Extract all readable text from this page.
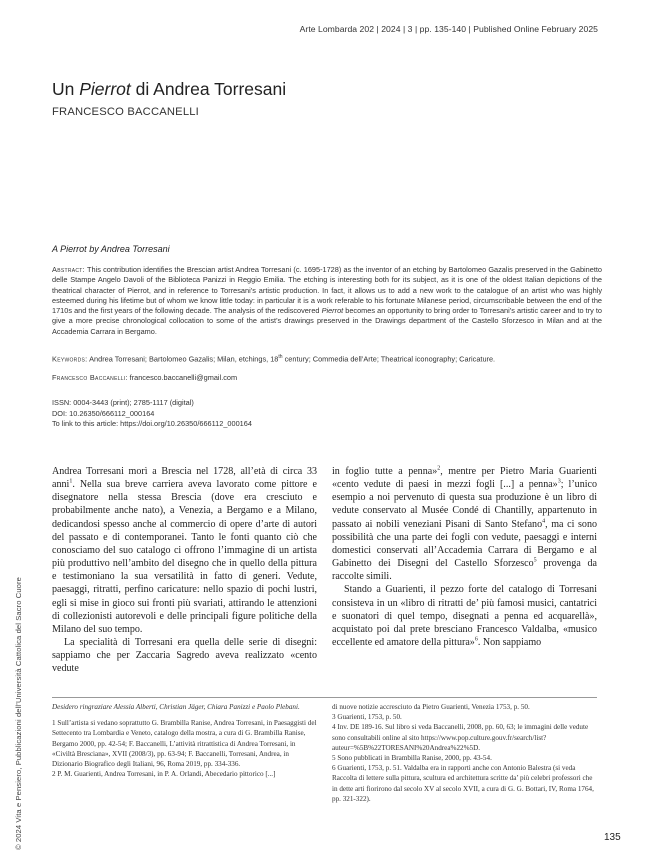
Arte Lombarda 202 | 2024 | 3 | pp. 135-140 | Published Online February 2025
Un Pierrot di Andrea Torresani
FRANCESCO BACCANELLI
A Pierrot by Andrea Torresani

Abstract: This contribution identifies the Brescian artist Andrea Torresani (c. 1695-1728) as the inventor of an etching by Bartolomeo Gazalis preserved in the Gabinetto delle Stampe Angelo Davoli of the Biblioteca Panizzi in Reggio Emilia. The etching is interesting both for its subject, as it is one of the oldest Italian depictions of the theatrical character of Pierrot, and in reference to Torresani’s artistic production. In fact, it allows us to add a new work to the catalogue of an artist who was highly esteemed during his lifetime but of whom we know little today: in particular it is a work referable to his fortunate Milanese period, circumscribable between the end of the 1710s and the first years of the following decade. The analysis of the rediscovered Pierrot becomes an opportunity to bring order to Torresani’s artistic career and to try to give a more precise chronological collocation to some of the artist’s drawings preserved in the Drawings department of the Castello Sforzesco in Milan and at the Accademia Carrara in Bergamo.

Keywords: Andrea Torresani; Bartolomeo Gazalis; Milan, etchings, 18th century; Commedia dell’Arte; Theatrical iconography; Caricature.

Francesco Baccanelli: francesco.baccanelli@gmail.com

ISSN: 0004-3443 (print); 2785-1117 (digital)
DOI: 10.26350/666112_000164
To link to this article: https://doi.org/10.26350/666112_000164

Andrea Torresani morì a Brescia nel 1728, all’età di circa 33 anni$^1$. Nella sua breve carriera aveva lavorato come pittore e disegnatore nella stessa Brescia (dove era cresciuto e probabilmente anche nato), a Venezia, a Bergamo e a Milano, dedicandosi spesso anche al commercio di opere d’arte di autori del passato e di contemporanei. Tanto le fonti quanto ciò che conosciamo del suo catalogo ci offrono l’immagine di un artista più produttivo nell’ambito del disegno che in quello della pittura e testimoniano la sua versatilità in fatto di generi. Vedute, paesaggi, ritratti, perfino caricature: nello spazio di pochi lustri, egli si mise in gioco sui fronti più svariati, attirando le attenzioni di collezionisti autorevoli e delle principali figure politiche della Milano del suo tempo.

La specialità di Torresani era quella delle serie di disegni: sappiamo che per Zaccaria Sagredo aveva realizzato «cento vedute

in foglio tutte a penna»$^2$, mentre per Pietro Maria Guarienti «cento vedute di paesi in mezzi fogli [...] a penna»$^3$; l’unico esempio a noi pervenuto di questa sua produzione è un libro di vedute conservato al Musée Condé di Chantilly, appartenuto in passato ai nobili veneziani Pisani di Santo Stefano$^4$, ma ci sono possibilità che una parte dei fogli con vedute, paesaggi e interni domestici conservati all’Accademia Carrara di Bergamo e al Gabinetto dei Disegni del Castello Sforzesco$^5$ provenga da raccolte simili.

Stando a Guarienti, il pezzo forte del catalogo di Torresani consisteva in un «libro di ritratti de’ più famosi musici, cantatrici e suonatori di quel tempo, disegnati a penna ed acquarellà», acquistato poi dal prete bresciano Francesco Valdalba, «musico eccellente ed amatore della pittura»$^6$. Non sappiamo

Desidero ringraziare Alessia Alberti, Christian Jäger, Chiara Panizzi e Paolo Plebani.

1 Sull’artista si vedano soprattutto G. Brambilla Ranise, Andrea Torresani, in Paesaggisti del Settecento tra Lombardia e Veneto, catalogo della mostra, a cura di G. Brambilla Ranise, Bergamo 2000, pp. 42-54; F. Baccanelli, L’attività ritrattistica di Andrea Torresani, in «Civiltà Bresciana», XVII (2008/3), pp. 63-94; F. Baccanelli, Torresani, Andrea, in Dizionario Biografico degli Italiani, 96, Roma 2019, pp. 334-336.

2 P. M. Guarienti, Andrea Torresani, in P. A. Orlandi, Abecedario pittorico [...]

di nuove notizie accresciuto da Pietro Guarienti, Venezia 1753, p. 50.

3 Guarienti, 1753, p. 50.

4 Inv. DE 189-16. Sul libro si veda Baccanelli, 2008, pp. 60, 63; le immagini delle vedute sono consultabili online al sito https://www.pop.culture.gouv.fr/search/list?auteur=%5B%22TORESANI%20Andrea%22%5D.

5 Sono pubblicati in Brambilla Ranise, 2000, pp. 43-54.

6 Guarienti, 1753, p. 51. Valdalba era in rapporti anche con Antonio Balestra (si veda Raccolta di lettere sulla pittura, scultura ed architettura scritte da’ più celebri professori che in dette arti fiorirono dal secolo XV al secolo XVII, a cura di G. G. Bottari, IV, Roma 1764, pp. 321-322).

135
© 2024 Vita e Pensiero, Pubblicazioni dell’Università Cattolica del Sacro Cuore
